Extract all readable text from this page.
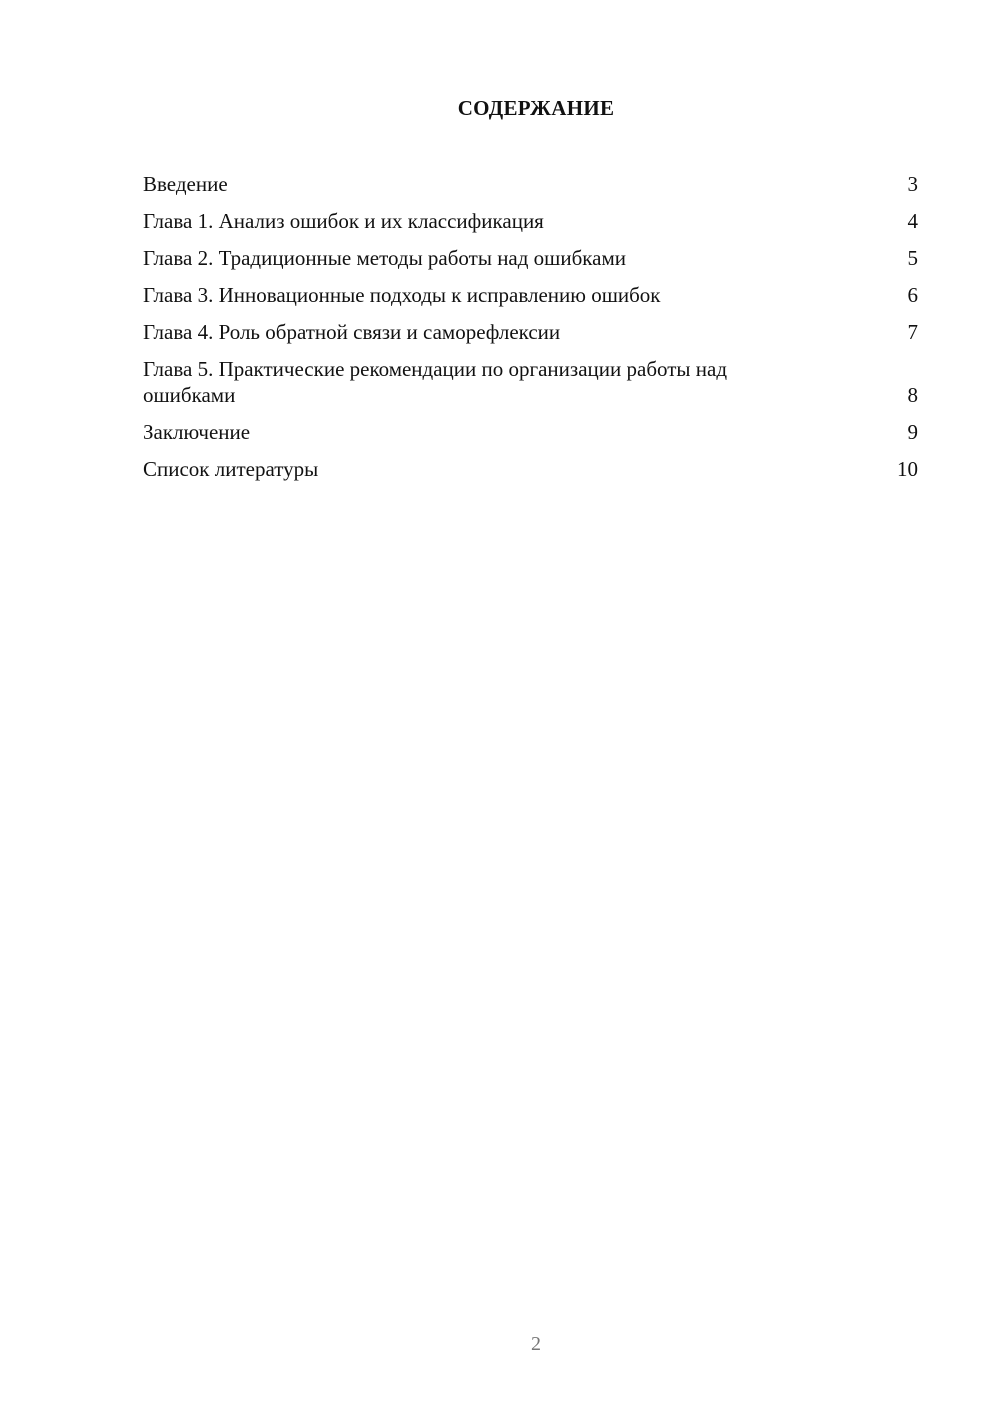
СОДЕРЖАНИЕ
Введение	3
Глава 1. Анализ ошибок и их классификация	4
Глава 2. Традиционные методы работы над ошибками	5
Глава 3. Инновационные подходы к исправлению ошибок	6
Глава 4. Роль обратной связи и саморефлексии	7
Глава 5. Практические рекомендации по организации работы над ошибками	8
Заключение	9
Список литературы	10
2
